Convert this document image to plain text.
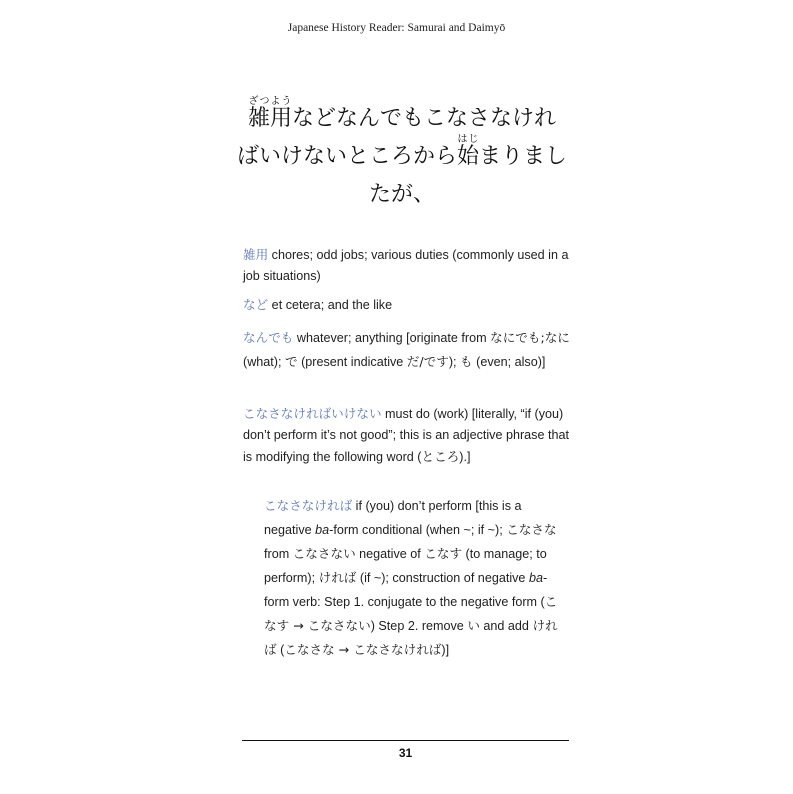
Japanese History Reader: Samurai and Daimyō
雑用ざつようなどなんでもこなさなけれ
ばいけないところから始はじまりまし
たが、
雑用 chores; odd jobs; various duties (commonly used in a job situations)
など et cetera; and the like
なんでも whatever; anything [originate from なにでも;なに (what); で (present indicative だ/です); も (even; also)]
こなさなければいけない must do (work) [literally, “if (you) don’t perform it’s not good”; this is an adjective phrase that is modifying the following word (ところ).]
こなさなければ if (you) don’t perform [this is a negative ba-form conditional (when ~; if ~); こなさな from こなさない negative of こなす (to manage; to perform); ければ (if ~); construction of negative ba-form verb: Step 1. conjugate to the negative form (こなす → こなさない) Step 2. remove い and add ければ (こなさな → こなさなければ)]
31
